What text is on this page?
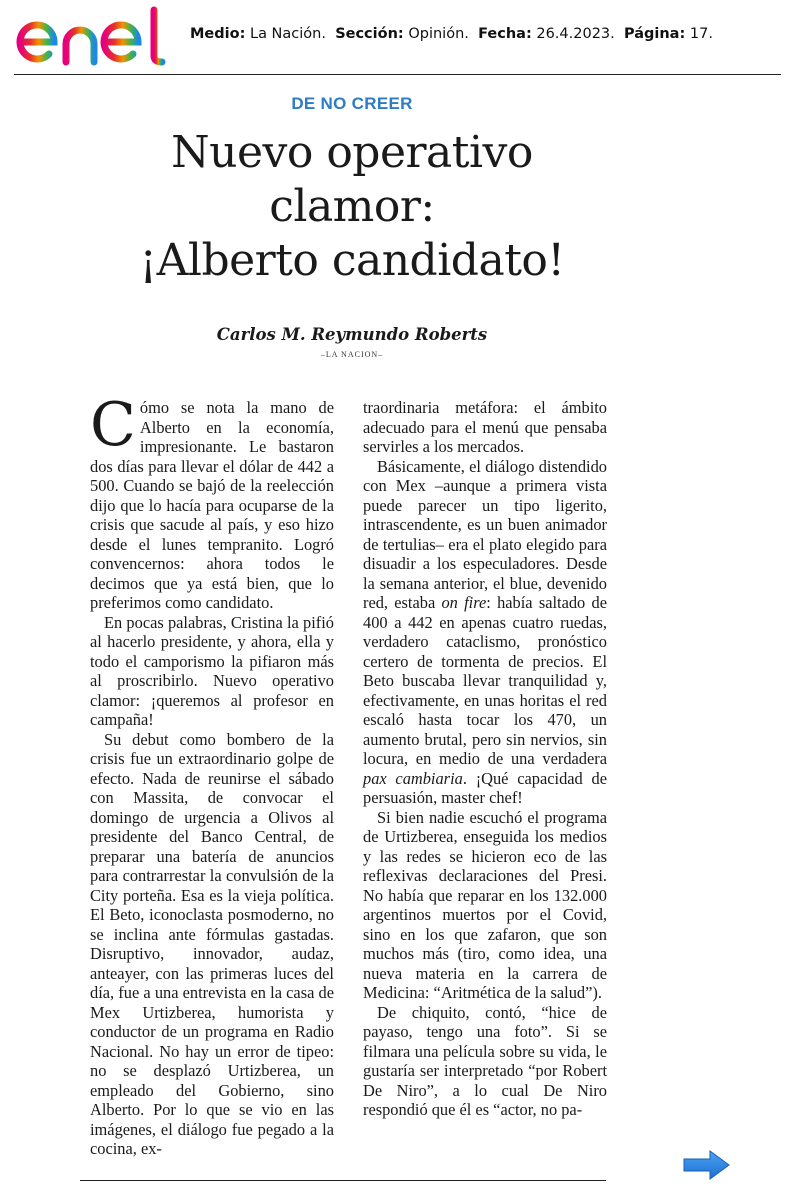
Medio: La Nación. Sección: Opinión. Fecha: 26.4.2023. Página: 17.
DE NO CREER
Nuevo operativo
clamor:
¡Alberto candidato!
Carlos M. Reymundo Roberts
–LA NACION–

Cómo se nota la mano de Alberto en la economía, impresionante. Le bastaron dos días para llevar el dólar de 442 a 500. Cuando se bajó de la reelección dijo que lo hacía para ocuparse de la crisis que sacude al país, y eso hizo desde el lunes tempranito. Logró convencernos: ahora todos le decimos que ya está bien, que lo preferimos como candidato.

En pocas palabras, Cristina la pifió al hacerlo presidente, y ahora, ella y todo el camporismo la pifiaron más al proscribirlo. Nuevo operativo clamor: ¡queremos al profesor en campaña!

Su debut como bombero de la crisis fue un extraordinario golpe de efecto. Nada de reunirse el sábado con Massita, de convocar el domingo de urgencia a Olivos al presidente del Banco Central, de preparar una batería de anuncios para contrarrestar la convulsión de la City porteña. Esa es la vieja política. El Beto, iconoclasta posmoderno, no se inclina ante fórmulas gastadas. Disruptivo, innovador, audaz, anteayer, con las primeras luces del día, fue a una entrevista en la casa de Mex Urtizberea, humorista y conductor de un programa en Radio Nacional. No hay un error de tipeo: no se desplazó Urtizberea, un empleado del Gobierno, sino Alberto. Por lo que se vio en las imágenes, el diálogo fue pegado a la cocina, ex-

traordinaria metáfora: el ámbito adecuado para el menú que pensaba servirles a los mercados.

Básicamente, el diálogo distendido con Mex –aunque a primera vista puede parecer un tipo ligerito, intrascendente, es un buen animador de tertulias– era el plato elegido para disuadir a los especuladores. Desde la semana anterior, el blue, devenido red, estaba on fire: había saltado de 400 a 442 en apenas cuatro ruedas, verdadero cataclismo, pronóstico certero de tormenta de precios. El Beto buscaba llevar tranquilidad y, efectivamente, en unas horitas el red escaló hasta tocar los 470, un aumento brutal, pero sin nervios, sin locura, en medio de una verdadera pax cambiaria. ¡Qué capacidad de persuasión, master chef!

Si bien nadie escuchó el programa de Urtizberea, enseguida los medios y las redes se hicieron eco de las reflexivas declaraciones del Presi. No había que reparar en los 132.000 argentinos muertos por el Covid, sino en los que zafaron, que son muchos más (tiro, como idea, una nueva materia en la carrera de Medicina: “Aritmética de la salud”).

De chiquito, contó, “hice de payaso, tengo una foto”. Si se filmara una película sobre su vida, le gustaría ser interpretado “por Robert De Niro”, a lo cual De Niro respondió que él es “actor, no pa-
